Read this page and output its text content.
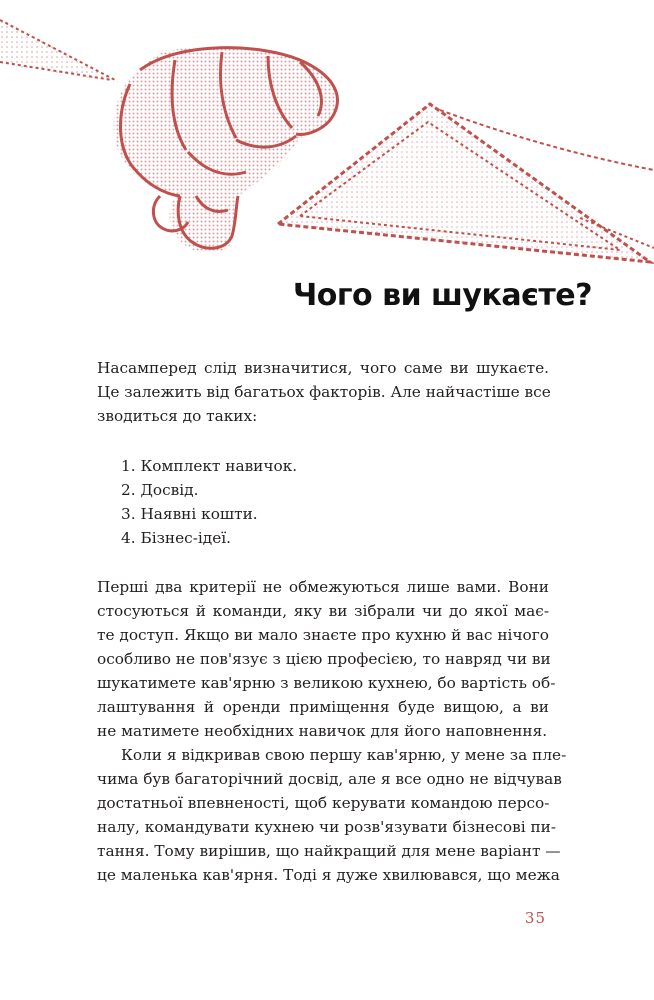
Чого ви шукаєте?
Насамперед слід визначитися, чого саме ви шукаєте.
Це залежить від багатьох факторів. Але найчастіше все
зводиться до таких:
1. Комплект навичок.
2. Досвід.
3. Наявні кошти.
4. Бізнес-ідеї.
Перші два критерії не обмежуються лише вами. Вони
стосуються й команди, яку ви зібрали чи до якої має-
те доступ. Якщо ви мало знаєте про кухню й вас нічого
особливо не пов'язує з цією професією, то навряд чи ви
шукатимете кав'ярню з великою кухнею, бо вартість об-
лаштування й оренди приміщення буде вищою, а ви
не матимете необхідних навичок для його наповнення.
Коли я відкривав свою першу кав'ярню, у мене за пле-
чима був багаторічний досвід, але я все одно не відчував
достатньої впевненості, щоб керувати командою персо-
налу, командувати кухнею чи розв'язувати бізнесові пи-
тання. Тому вирішив, що найкращий для мене варіант —
це маленька кав'ярня. Тоді я дуже хвилювався, що межа
35
